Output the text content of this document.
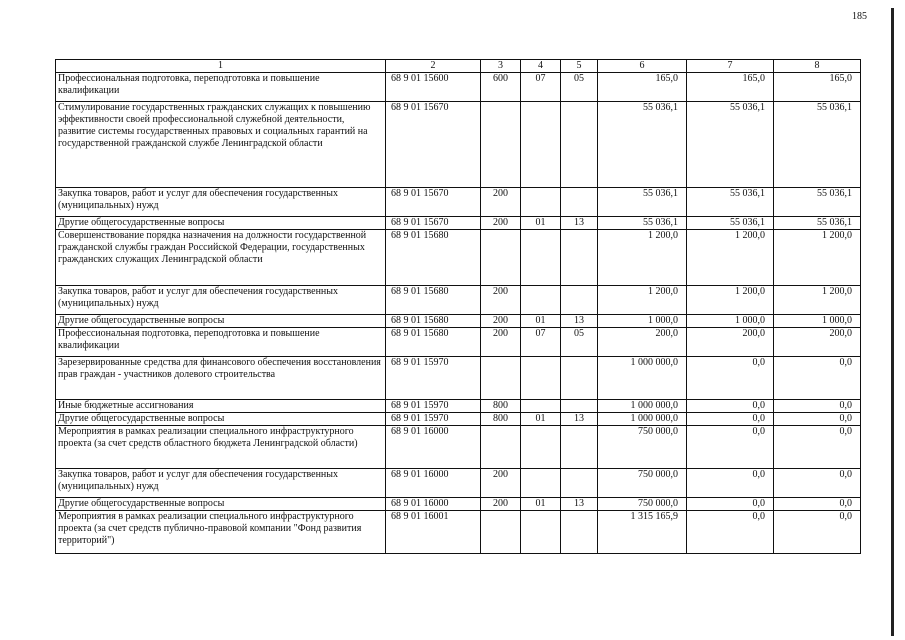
185
1	2	3	4	5	6	7	8
Профессиональная подготовка, переподготовка и повышение квалификации	68 9 01 15600	600	07	05	165,0	165,0	165,0
Стимулирование государственных гражданских служащих к повышению эффективности своей профессиональной служебной деятельности, развитие системы государственных правовых и социальных гарантий на государственной гражданской службе Ленинградской области	68 9 01 15670				55 036,1	55 036,1	55 036,1
Закупка товаров, работ и услуг для обеспечения государственных (муниципальных) нужд	68 9 01 15670	200			55 036,1	55 036,1	55 036,1
Другие общегосударственные вопросы	68 9 01 15670	200	01	13	55 036,1	55 036,1	55 036,1
Совершенствование порядка назначения на должности государственной гражданской службы граждан Российской Федерации, государственных гражданских служащих Ленинградской области	68 9 01 15680				1 200,0	1 200,0	1 200,0
Закупка товаров, работ и услуг для обеспечения государственных (муниципальных) нужд	68 9 01 15680	200			1 200,0	1 200,0	1 200,0
Другие общегосударственные вопросы	68 9 01 15680	200	01	13	1 000,0	1 000,0	1 000,0
Профессиональная подготовка, переподготовка и повышение квалификации	68 9 01 15680	200	07	05	200,0	200,0	200,0
Зарезервированные средства для финансового обеспечения восстановления прав граждан - участников долевого строительства	68 9 01 15970				1 000 000,0	0,0	0,0
Иные бюджетные ассигнования	68 9 01 15970	800			1 000 000,0	0,0	0,0
Другие общегосударственные вопросы	68 9 01 15970	800	01	13	1 000 000,0	0,0	0,0
Мероприятия в рамках реализации специального инфраструктурного проекта (за счет средств областного бюджета Ленинградской области)	68 9 01 16000				750 000,0	0,0	0,0
Закупка товаров, работ и услуг для обеспечения государственных (муниципальных) нужд	68 9 01 16000	200			750 000,0	0,0	0,0
Другие общегосударственные вопросы	68 9 01 16000	200	01	13	750 000,0	0,0	0,0
Мероприятия в рамках реализации специального инфраструктурного проекта (за счет средств публично-правовой компании "Фонд развития территорий")	68 9 01 16001				1 315 165,9	0,0	0,0
